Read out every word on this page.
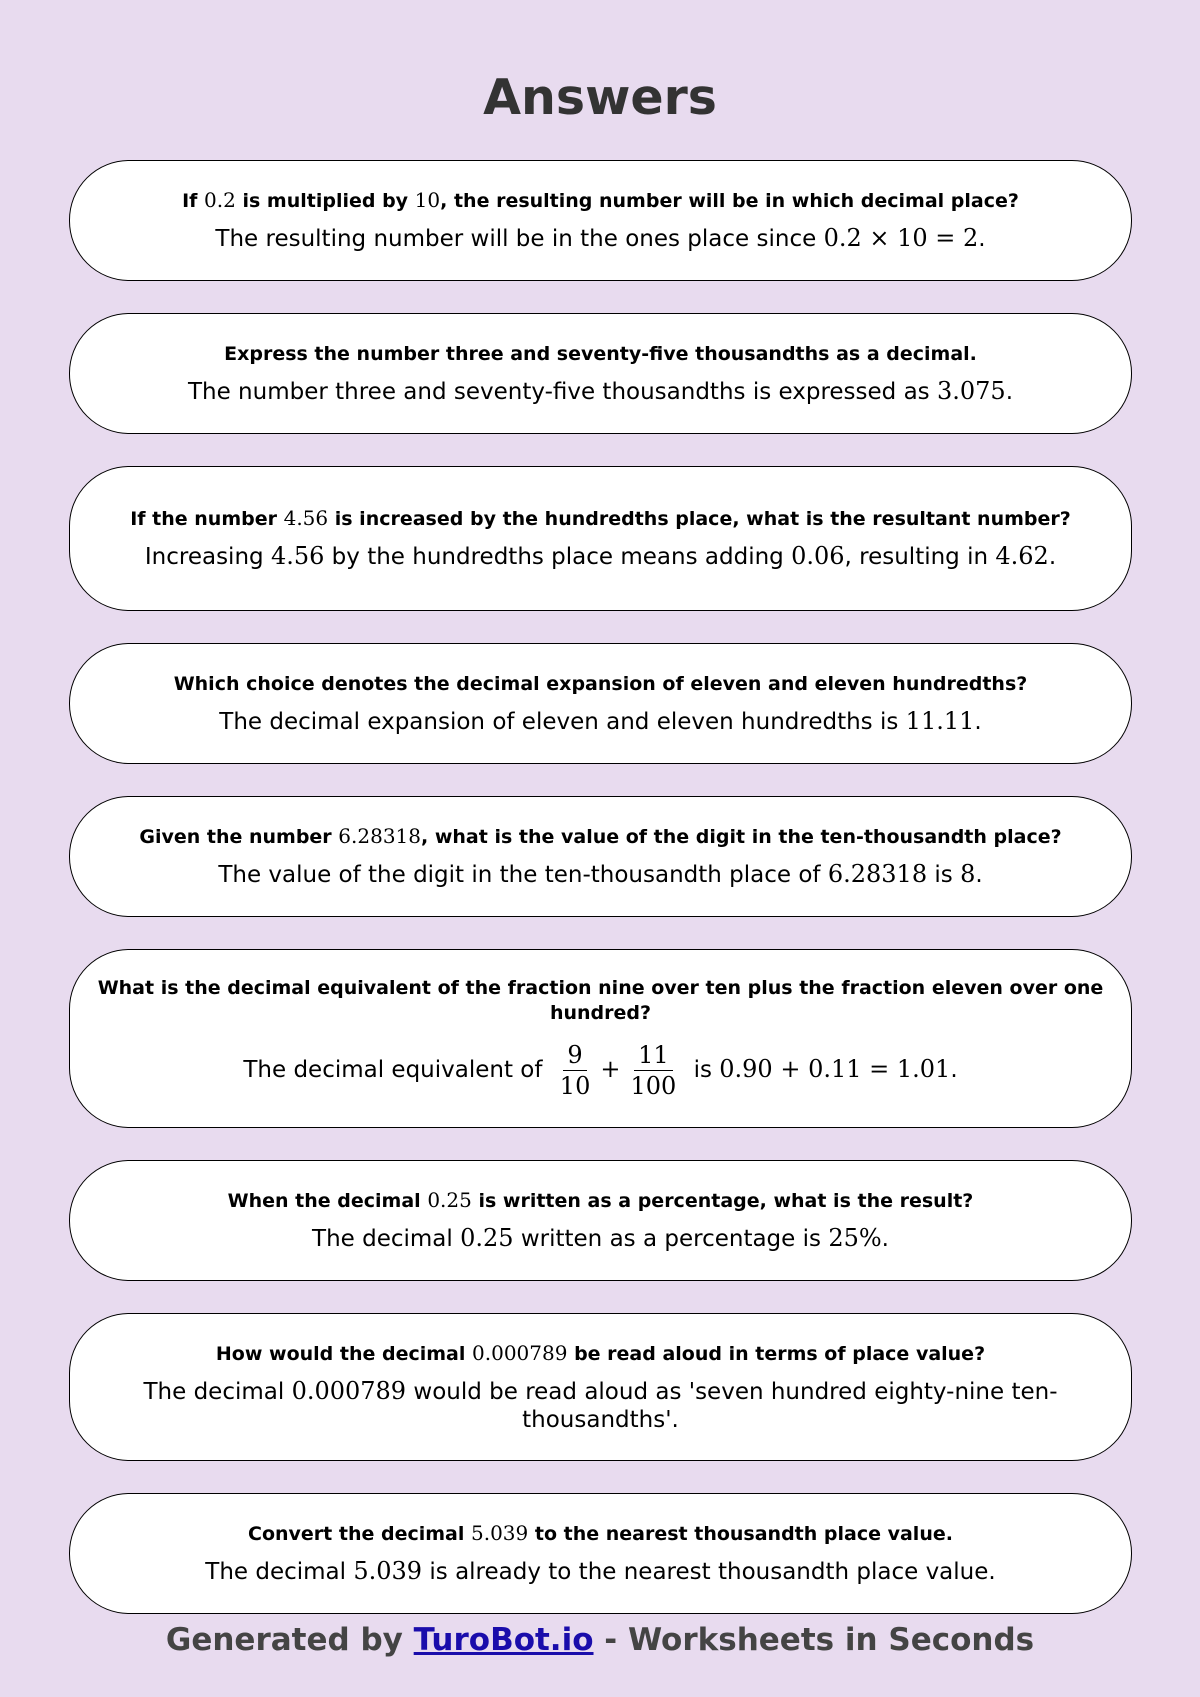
Answers

If 0.2 is multiplied by 10, the resulting number will be in which decimal place?

The resulting number will be in the ones place since 0.2 × 10 = 2.

Express the number three and seventy-five thousandths as a decimal.

The number three and seventy-five thousandths is expressed as 3.075.

If the number 4.56 is increased by the hundredths place, what is the resultant number?

Increasing 4.56 by the hundredths place means adding 0.06, resulting in 4.62.

Which choice denotes the decimal expansion of eleven and eleven hundredths?

The decimal expansion of eleven and eleven hundredths is 11.11.

Given the number 6.28318, what is the value of the digit in the ten-thousandth place?

The value of the digit in the ten-thousandth place of 6.28318 is 8.

What is the decimal equivalent of the fraction nine over ten plus the fraction eleven over one hundred?

The decimal equivalent of $\frac{9}{10} + \frac{11}{100}$ is 0.90 + 0.11 = 1.01.

When the decimal 0.25 is written as a percentage, what is the result?

The decimal 0.25 written as a percentage is 25%.

How would the decimal 0.000789 be read aloud in terms of place value?

The decimal 0.000789 would be read aloud as 'seven hundred eighty-nine ten-thousandths'.

Convert the decimal 5.039 to the nearest thousandth place value.

The decimal 5.039 is already to the nearest thousandth place value.

Generated by TuroBot.io - Worksheets in Seconds
